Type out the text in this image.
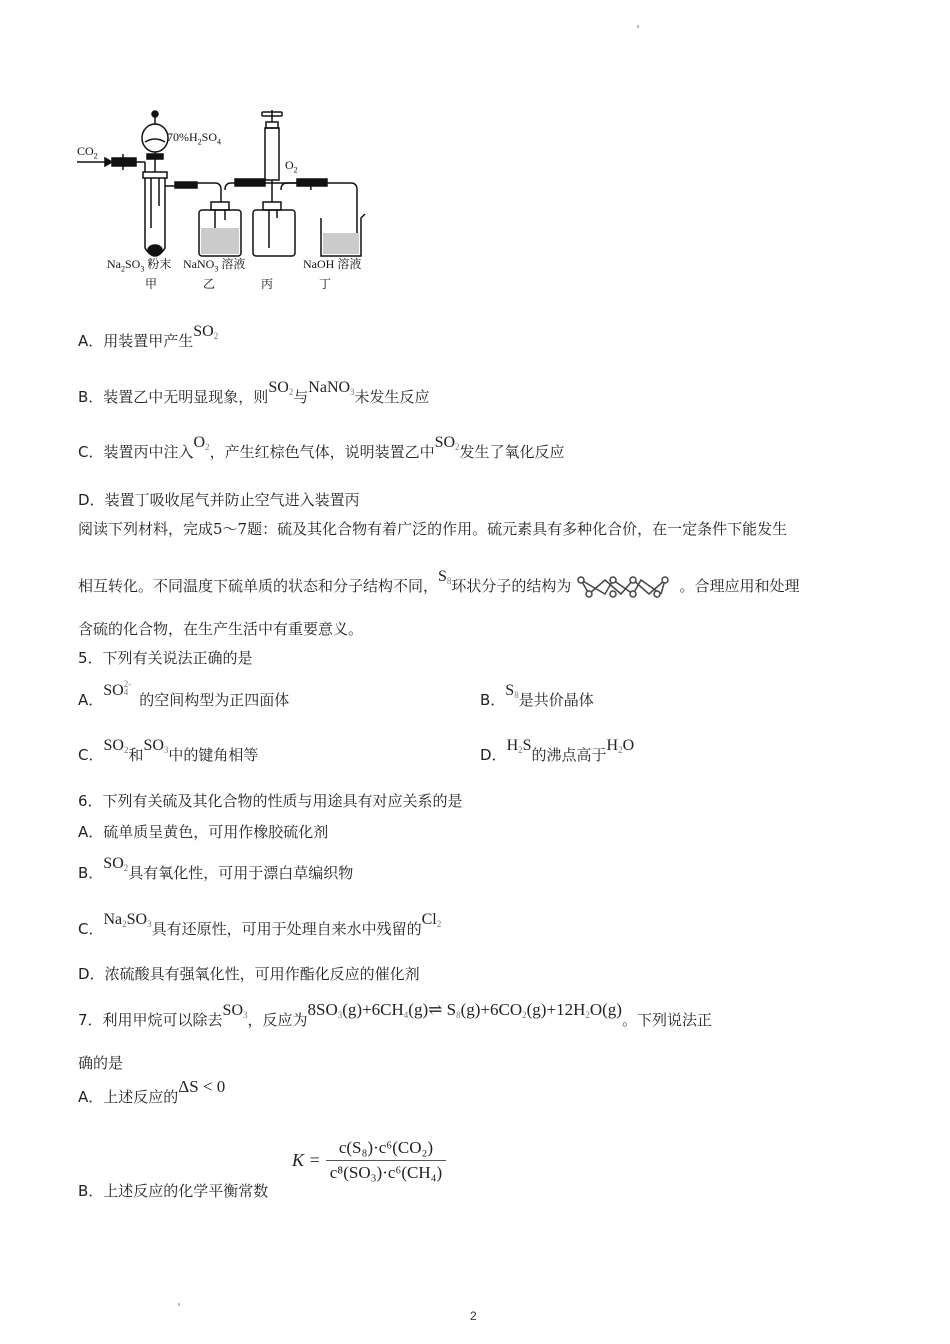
$70\%H_2SO_4$
$CO_2$
$O_2$
$Na_2SO_3$ 粉末 NaNO$_3$ 溶液	NaOH 溶液
甲	乙	丙	丁
A．用装置甲产生$SO_2$
B．装置乙中无明显现象，则$SO_2$与NaNO$_3$未发生反应
C．装置丙中注入$O_2$，产生红棕色气体，说明装置乙中$SO_2$发生了氧化反应
D．装置丁吸收尾气并防止空气进入装置丙
阅读下列材料，完成5～7题：硫及其化合物有着广泛的作用。硫元素具有多种化合价，在一定条件下能发生
相互转化。不同温度下硫单质的状态和分子结构不同，$S_8$环状分子的结构为	。合理应用和处理
含硫的化合物，在生产生活中有重要意义。
5．下列有关说法正确的是
A．SO 2-
4 的空间构型为正四面体	B．$S_8$是共价晶体
C．$SO_2$和$SO_3$中的键角相等	D．$H_2S$的沸点高于$H_2O$
6．下列有关硫及其化合物的性质与用途具有对应关系的是
A．硫单质呈黄色，可用作橡胶硫化剂
B．$SO_2$具有氧化性，可用于漂白草编织物
C．$Na_2SO_3$具有还原性，可用于处理自来水中残留的$Cl_2$
D．浓硫酸具有强氧化性，可用作酯化反应的催化剂
7．利用甲烷可以除去$SO_3$，反应为$8SO_3(g)+6CH_4(g)\rightleftharpoons$ $S_8(g)+6CO_2(g)+12H_2O(g)$。下列说法正
确的是
A．上述反应的ΔS < 0
B．上述反应的化学平衡常数
$K = \frac{\text{c(S₈)·c⁶(CO₂)}}{\text{c⁸(SO₃)·c⁶(CH₄)}}$
2
